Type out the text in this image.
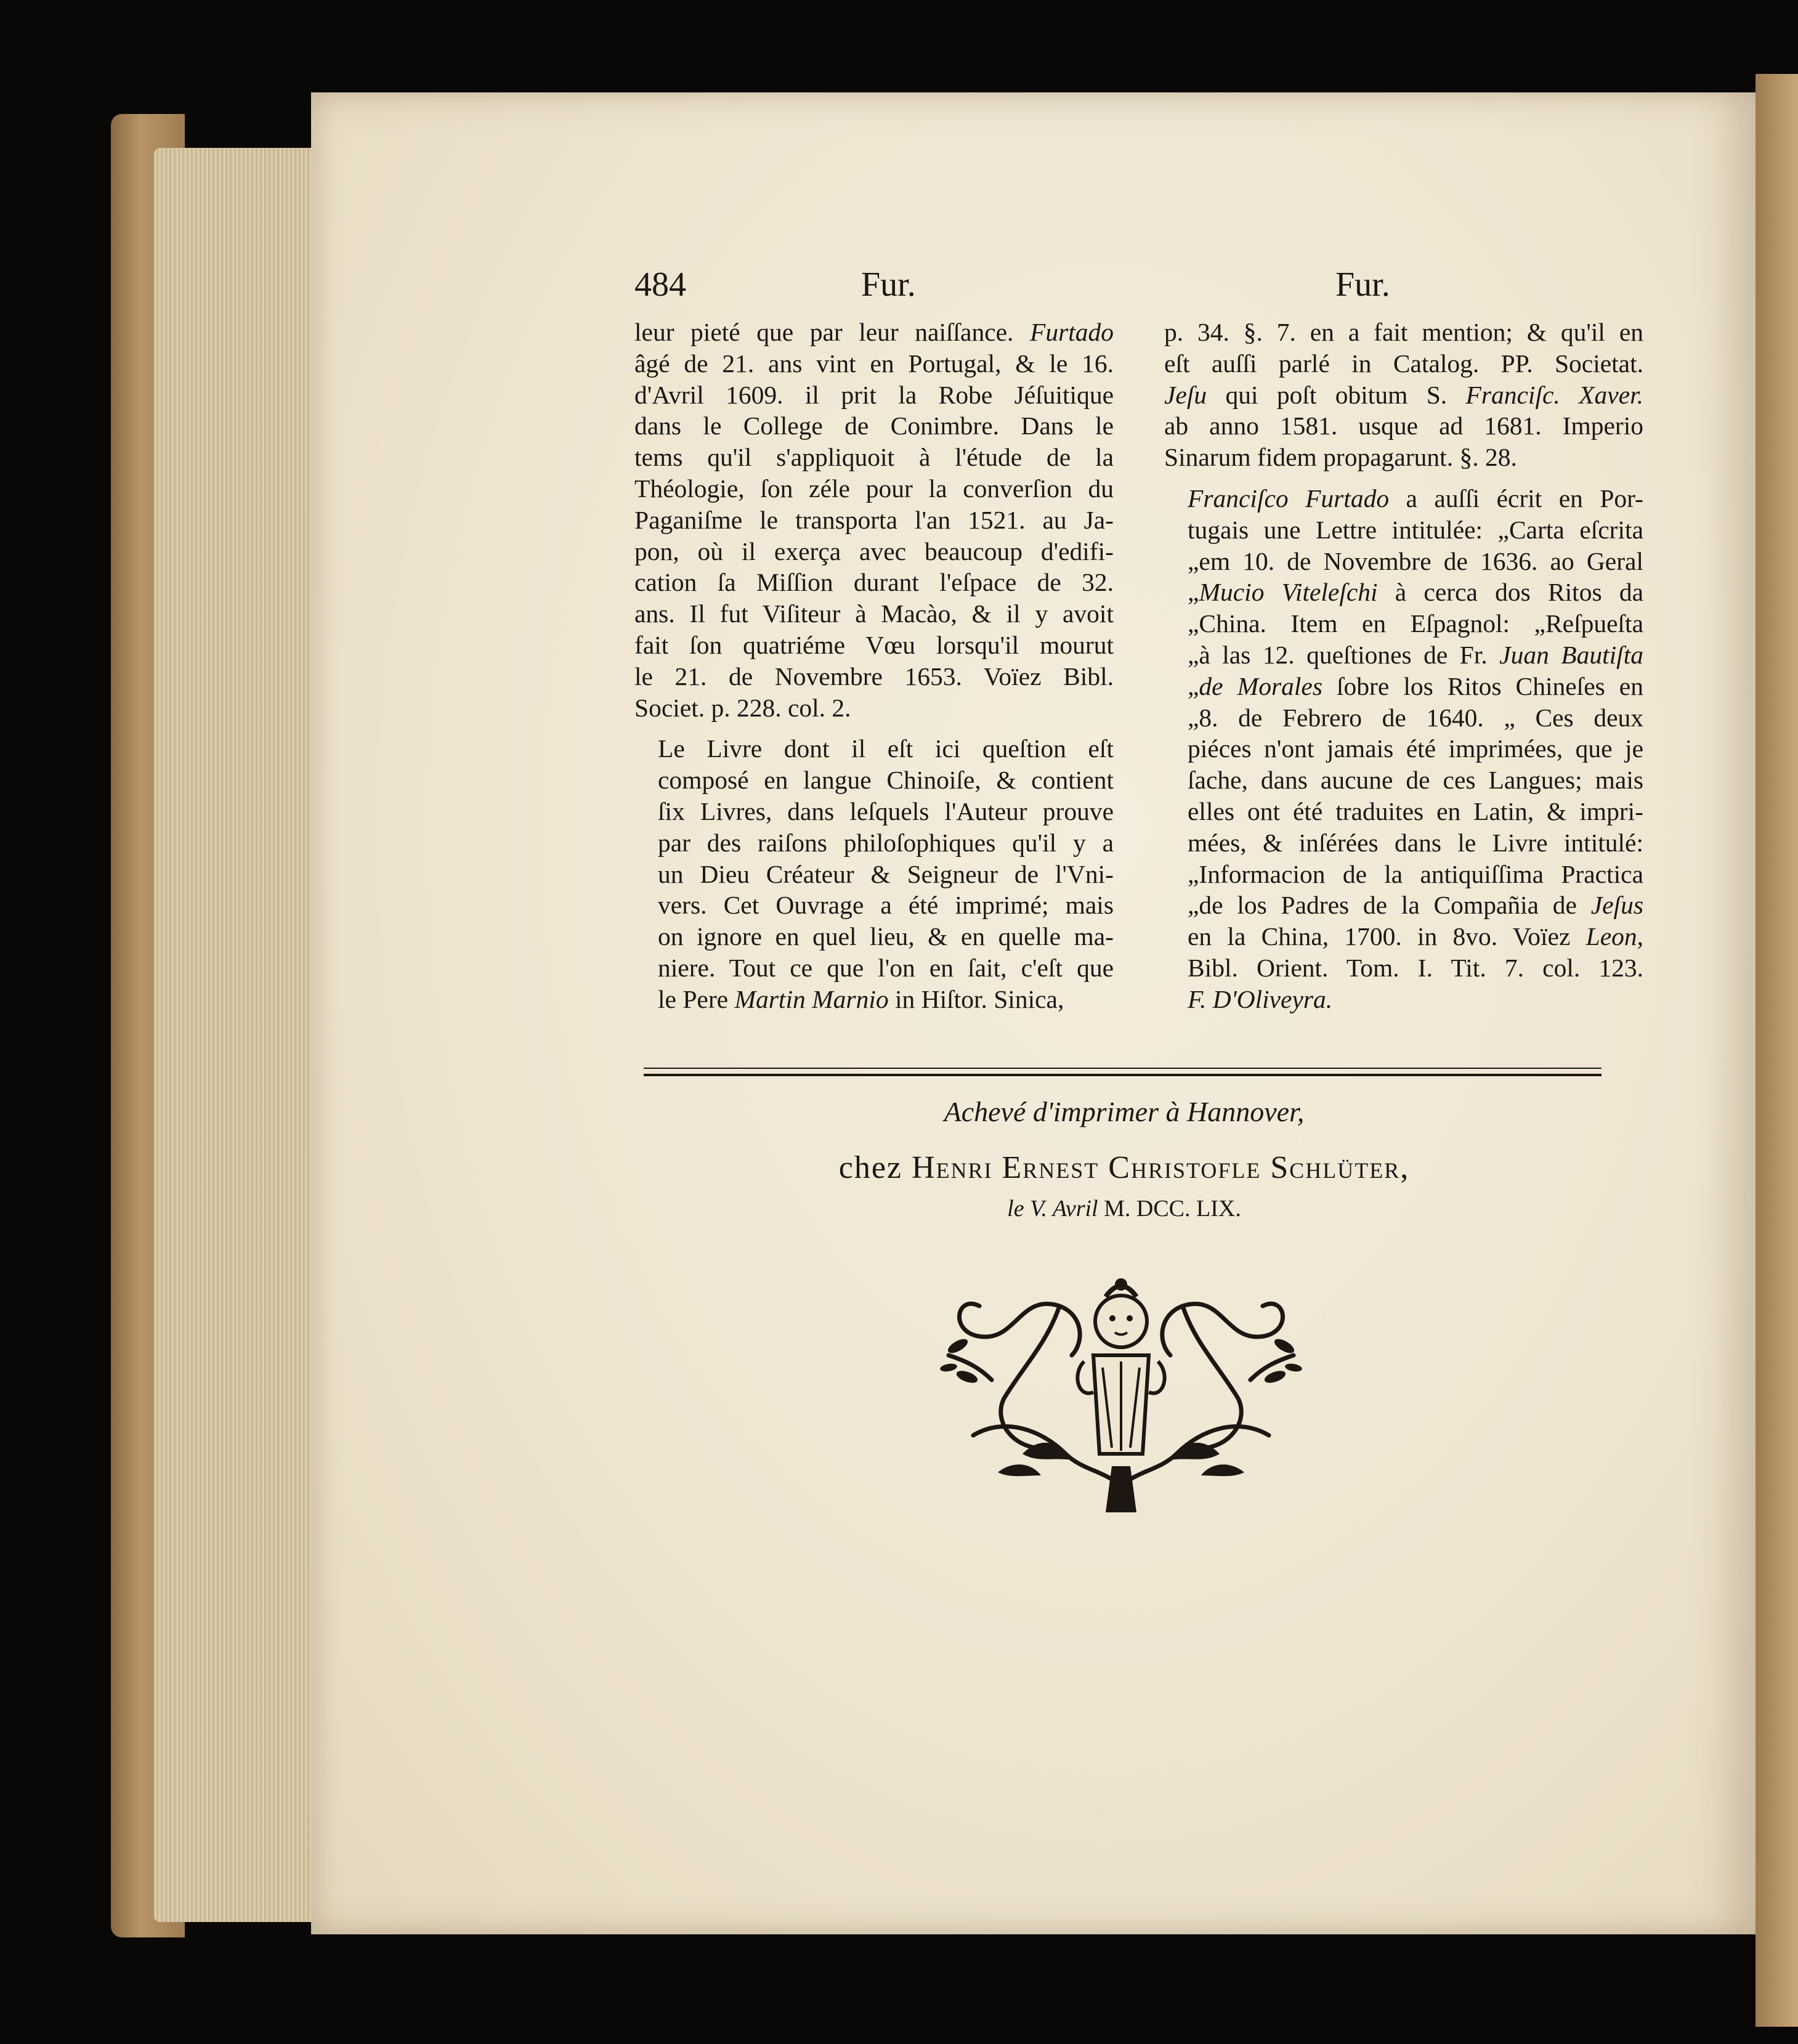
484	Fur.	Fur.

leur pieté que par leur naiſſance. Furtado
âgé de 21. ans vint en Portugal, & le 16.
d'Avril 1609. il prit la Robe Jéſuitique
dans le College de Conimbre. Dans le
tems qu'il s'appliquoit à l'étude de la
Théologie, ſon zéle pour la converſion du
Paganiſme le transporta l'an 1521. au Ja-
pon, où il exerça avec beaucoup d'edifi-
cation ſa Miſſion durant l'eſpace de 32.
ans. Il fut Viſiteur à Macào, & il y avoit
fait ſon quatriéme Vœu lorsqu'il mourut
le 21. de Novembre 1653. Voïez Bibl.
Societ. p. 228. col. 2.

Le Livre dont il eſt ici queſtion eſt
composé en langue Chinoiſe, & contient
ſix Livres, dans leſquels l'Auteur prouve
par des raiſons philoſophiques qu'il y a
un Dieu Créateur & Seigneur de l'Vni-
vers. Cet Ouvrage a été imprimé; mais
on ignore en quel lieu, & en quelle ma-
niere. Tout ce que l'on en ſait, c'eſt que
le Pere Martin Marnio in Hiſtor. Sinica,

p. 34. §. 7. en a fait mention; & qu'il en
eſt auſſi parlé in Catalog. PP. Societat.
Jeſu qui poſt obitum S. Franciſc. Xaver.
ab anno 1581. usque ad 1681. Imperio
Sinarum fidem propagarunt. §. 28.

Franciſco Furtado a auſſi écrit en Por-
tugais une Lettre intitulée: „Carta eſcrita
„em 10. de Novembre de 1636. ao Geral
„Mucio Viteleſchi à cerca dos Ritos da
„China. Item en Eſpagnol: „Reſpueſta
„à las 12. queſtiones de Fr. Juan Bautiſta
„de Morales ſobre los Ritos Chineſes en
„8. de Febrero de 1640. „ Ces deux
piéces n'ont jamais été imprimées, que je
ſache, dans aucune de ces Langues; mais
elles ont été traduites en Latin, & impri-
mées, & inſérées dans le Livre intitulé:
„Informacion de la antiquiſſima Practica
„de los Padres de la Compañia de Jeſus
en la China, 1700. in 8vo. Voïez Leon,
Bibl. Orient. Tom. I. Tit. 7. col. 123.
F. D'Oliveyra.

Achevé d'imprimer à Hannover,
chez Henri Ernest Christofle Schlüter,
le V. Avril M. DCC. LIX.
